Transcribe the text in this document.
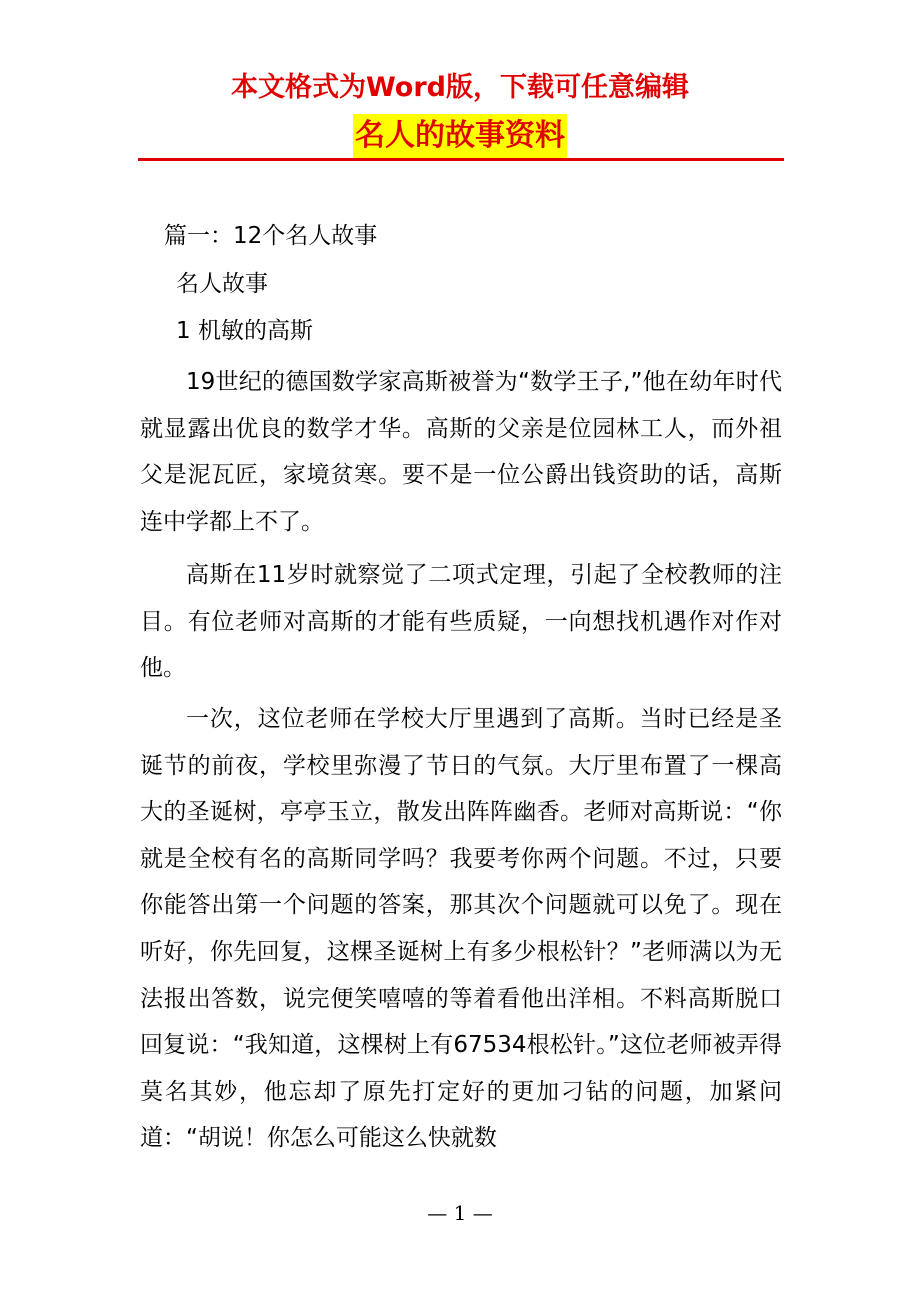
本文格式为Word版，下载可任意编辑
名人的故事资料
篇一：12个名人故事
名人故事
1 机敏的高斯
19世纪的德国数学家高斯被誉为“数学王子,”他在幼年时代就显露出优良的数学才华。高斯的父亲是位园林工人，而外祖父是泥瓦匠，家境贫寒。要不是一位公爵出钱资助的话，高斯连中学都上不了。
高斯在11岁时就察觉了二项式定理，引起了全校教师的注目。有位老师对高斯的才能有些质疑，一向想找机遇作对作对他。
一次，这位老师在学校大厅里遇到了高斯。当时已经是圣诞节的前夜，学校里弥漫了节日的气氛。大厅里布置了一棵高大的圣诞树，亭亭玉立，散发出阵阵幽香。老师对高斯说：“你就是全校有名的高斯同学吗？我要考你两个问题。不过，只要你能答出第一个问题的答案，那其次个问题就可以免了。现在听好，你先回复，这棵圣诞树上有多少根松针？”老师满以为无法报出答数，说完便笑嘻嘻的等着看他出洋相。不料高斯脱口回复说：“我知道，这棵树上有67534根松针。”这位老师被弄得莫名其妙，他忘却了原先打定好的更加刁钻的问题，加紧问道：“胡说！你怎么可能这么快就数
— 1 —
